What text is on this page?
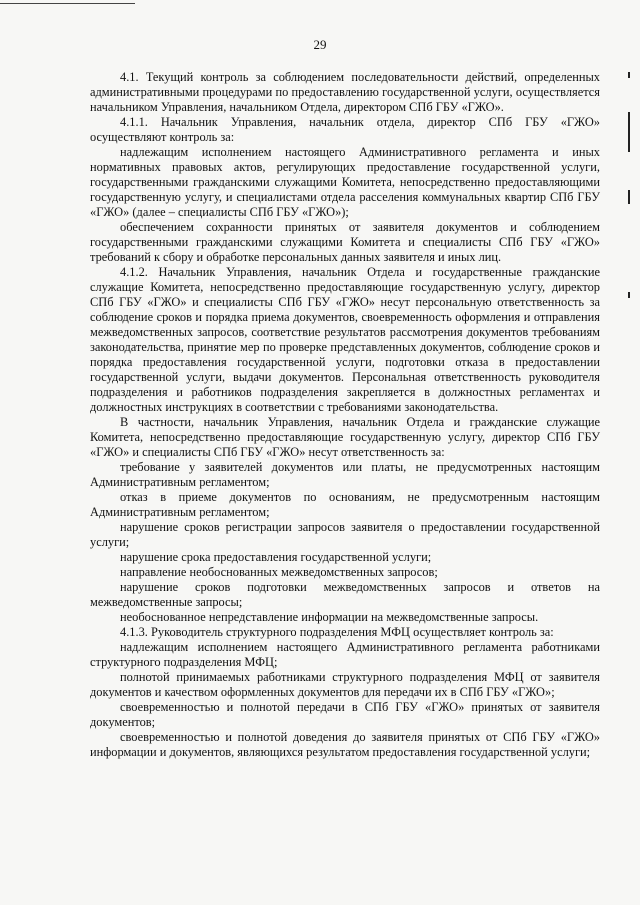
29

4.1. Текущий контроль за соблюдением последовательности действий, определенных административными процедурами по предоставлению государственной услуги, осуществляется начальником Управления, начальником Отдела, директором СПб ГБУ «ГЖО».

4.1.1. Начальник Управления, начальник отдела, директор СПб ГБУ «ГЖО» осуществляют контроль за:

надлежащим исполнением настоящего Административного регламента и иных нормативных правовых актов, регулирующих предоставление государственной услуги, государственными гражданскими служащими Комитета, непосредственно предоставляющими государственную услугу, и специалистами отдела расселения коммунальных квартир СПб ГБУ «ГЖО» (далее – специалисты СПб ГБУ «ГЖО»);

обеспечением сохранности принятых от заявителя документов и соблюдением государственными гражданскими служащими Комитета и специалисты СПб ГБУ «ГЖО» требований к сбору и обработке персональных данных заявителя и иных лиц.

4.1.2. Начальник Управления, начальник Отдела и государственные гражданские служащие Комитета, непосредственно предоставляющие государственную услугу, директор СПб ГБУ «ГЖО» и специалисты СПб ГБУ «ГЖО» несут персональную ответственность за соблюдение сроков и порядка приема документов, своевременность оформления и отправления межведомственных запросов, соответствие результатов рассмотрения документов требованиям законодательства, принятие мер по проверке представленных документов, соблюдение сроков и порядка предоставления государственной услуги, подготовки отказа в предоставлении государственной услуги, выдачи документов. Персональная ответственность руководителя подразделения и работников подразделения закрепляется в должностных регламентах и должностных инструкциях в соответствии с требованиями законодательства.

В частности, начальник Управления, начальник Отдела и гражданские служащие Комитета, непосредственно предоставляющие государственную услугу, директор СПб ГБУ «ГЖО» и специалисты СПб ГБУ «ГЖО» несут ответственность за:

требование у заявителей документов или платы, не предусмотренных настоящим Административным регламентом;

отказ в приеме документов по основаниям, не предусмотренным настоящим Административным регламентом;

нарушение сроков регистрации запросов заявителя о предоставлении государственной услуги;

нарушение срока предоставления государственной услуги;

направление необоснованных межведомственных запросов;

нарушение сроков подготовки межведомственных запросов и ответов на межведомственные запросы;

необоснованное непредставление информации на межведомственные запросы.

4.1.3. Руководитель структурного подразделения МФЦ осуществляет контроль за:

надлежащим исполнением настоящего Административного регламента работниками структурного подразделения МФЦ;

полнотой принимаемых работниками структурного подразделения МФЦ от заявителя документов и качеством оформленных документов для передачи их в СПб ГБУ «ГЖО»;

своевременностью и полнотой передачи в СПб ГБУ «ГЖО» принятых от заявителя документов;

своевременностью и полнотой доведения до заявителя принятых от СПб ГБУ «ГЖО» информации и документов, являющихся результатом предоставления государственной услуги;
